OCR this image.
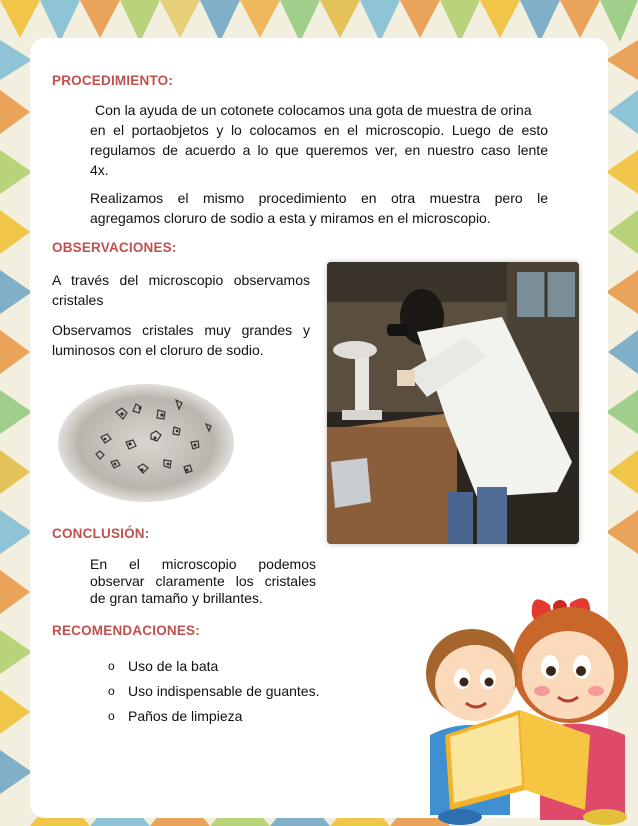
PROCEDIMIENTO:
Con la ayuda de un cotonete colocamos una gota de muestra de orina
en el portaobjetos y lo colocamos en el microscopio. Luego de esto
regulamos de acuerdo a lo que queremos ver, en nuestro caso lente
4x.
Realizamos el mismo procedimiento en otra muestra pero le
agregamos cloruro de sodio a esta y miramos en el microscopio.
OBSERVACIONES:
A través del microscopio observamos
cristales
Observamos cristales muy grandes y
luminosos con el cloruro de sodio.
CONCLUSIÓN:
En el microscopio podemos
observar claramente los cristales
de gran tamaño y brillantes.
RECOMENDACIONES:
o Uso de la bata
o Uso indispensable de guantes.
o Paños de limpieza
